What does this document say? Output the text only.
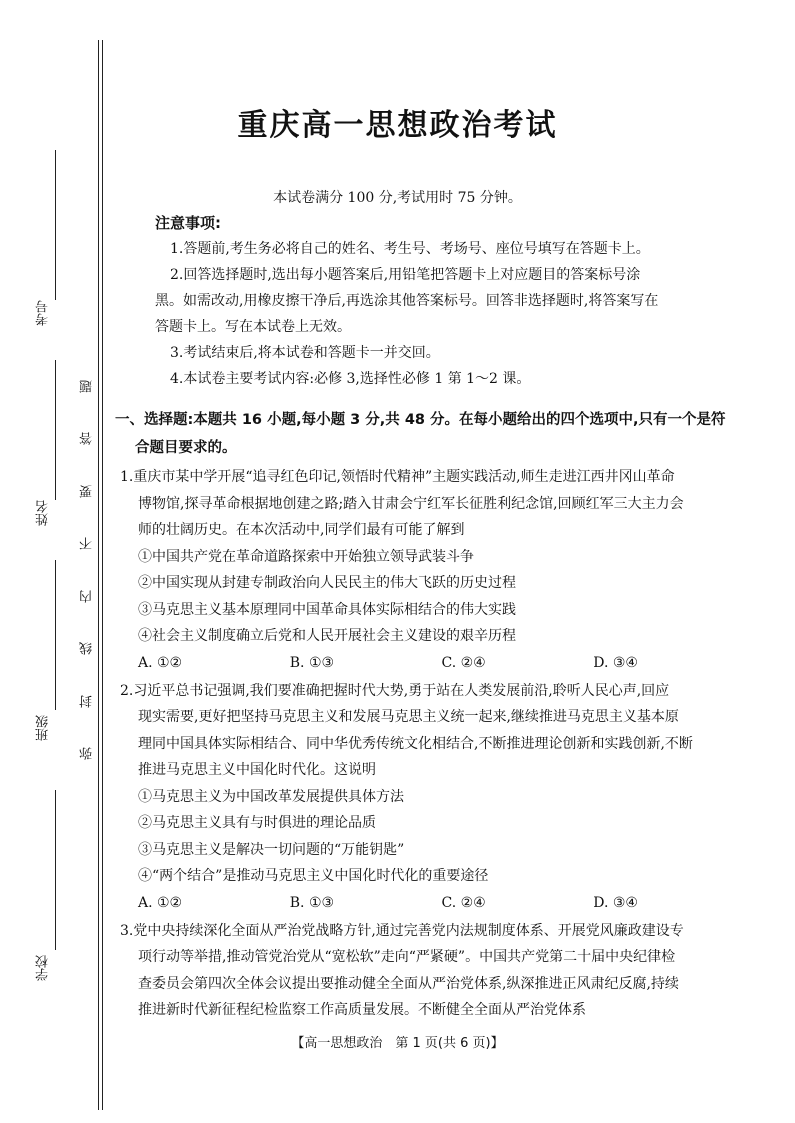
考号
姓名
班级
学校
题
答
要
不
内
线
封
弥
重庆高一思想政治考试
本试卷满分 100 分,考试用时 75 分钟。
注意事项:
1.答题前,考生务必将自己的姓名、考生号、考场号、座位号填写在答题卡上。
2.回答选择题时,选出每小题答案后,用铅笔把答题卡上对应题目的答案标号涂
黑。如需改动,用橡皮擦干净后,再选涂其他答案标号。回答非选择题时,将答案写在
答题卡上。写在本试卷上无效。
3.考试结束后,将本试卷和答题卡一并交回。
4.本试卷主要考试内容:必修 3,选择性必修 1 第 1～2 课。
一、选择题:本题共 16 小题,每小题 3 分,共 48 分。在每小题给出的四个选项中,只有一个是符
合题目要求的。
1.重庆市某中学开展“追寻红色印记,领悟时代精神”主题实践活动,师生走进江西井冈山革命
博物馆,探寻革命根据地创建之路;踏入甘肃会宁红军长征胜利纪念馆,回顾红军三大主力会
师的壮阔历史。在本次活动中,同学们最有可能了解到
①中国共产党在革命道路探索中开始独立领导武装斗争
②中国实现从封建专制政治向人民民主的伟大飞跃的历史过程
③马克思主义基本原理同中国革命具体实际相结合的伟大实践
④社会主义制度确立后党和人民开展社会主义建设的艰辛历程
A. ①②	B. ①③	C. ②④	D. ③④
2.习近平总书记强调,我们要准确把握时代大势,勇于站在人类发展前沿,聆听人民心声,回应
现实需要,更好把坚持马克思主义和发展马克思主义统一起来,继续推进马克思主义基本原
理同中国具体实际相结合、同中华优秀传统文化相结合,不断推进理论创新和实践创新,不断
推进马克思主义中国化时代化。这说明
①马克思主义为中国改革发展提供具体方法
②马克思主义具有与时俱进的理论品质
③马克思主义是解决一切问题的“万能钥匙”
④“两个结合”是推动马克思主义中国化时代化的重要途径
A. ①②	B. ①③	C. ②④	D. ③④
3.党中央持续深化全面从严治党战略方针,通过完善党内法规制度体系、开展党风廉政建设专
项行动等举措,推动管党治党从“宽松软”走向“严紧硬”。中国共产党第二十届中央纪律检
查委员会第四次全体会议提出要推动健全全面从严治党体系,纵深推进正风肃纪反腐,持续
推进新时代新征程纪检监察工作高质量发展。不断健全全面从严治党体系
【高一思想政治　第 1 页(共 6 页)】
